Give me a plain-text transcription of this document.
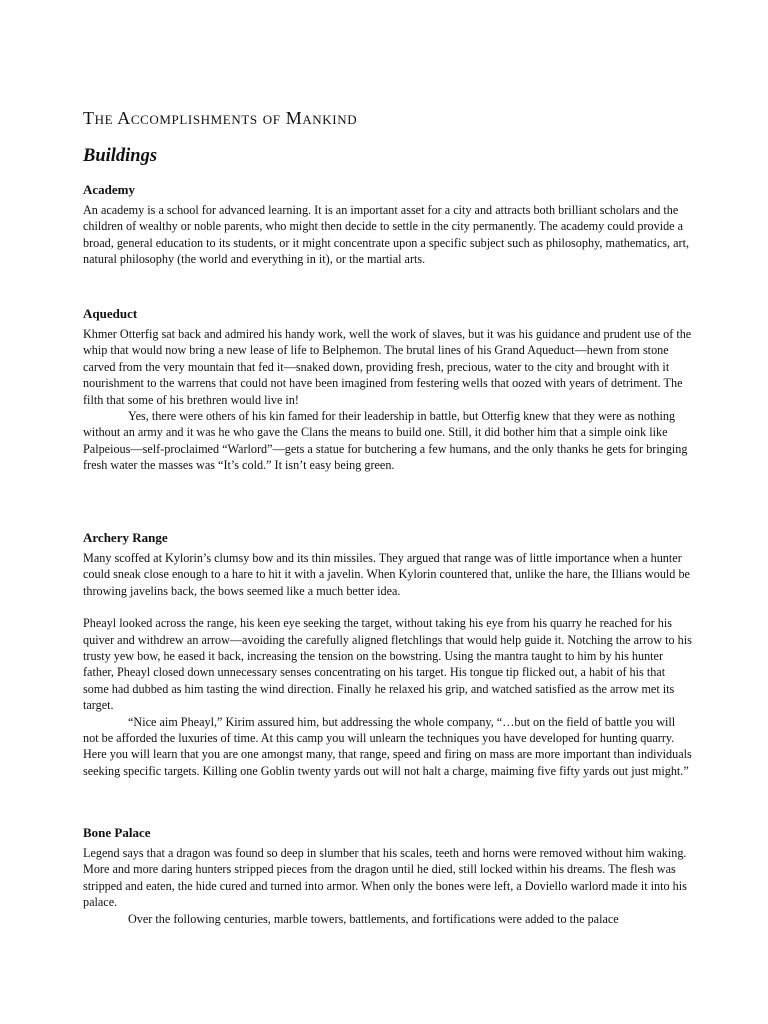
The Accomplishments of Mankind
Buildings
Academy

An academy is a school for advanced learning. It is an important asset for a city and attracts both brilliant scholars and the children of wealthy or noble parents, who might then decide to settle in the city permanently. The academy could provide a broad, general education to its students, or it might concentrate upon a specific subject such as philosophy, mathematics, art, natural philosophy (the world and everything in it), or the martial arts.

Aqueduct

Khmer Otterfig sat back and admired his handy work, well the work of slaves, but it was his guidance and prudent use of the whip that would now bring a new lease of life to Belphemon. The brutal lines of his Grand Aqueduct—hewn from stone carved from the very mountain that fed it—snaked down, providing fresh, precious, water to the city and brought with it nourishment to the warrens that could not have been imagined from festering wells that oozed with years of detriment. The filth that some of his brethren would live in!

Yes, there were others of his kin famed for their leadership in battle, but Otterfig knew that they were as nothing without an army and it was he who gave the Clans the means to build one. Still, it did bother him that a simple oink like Palpeious—self-proclaimed “Warlord”—gets a statue for butchering a few humans, and the only thanks he gets for bringing fresh water the masses was “It’s cold.” It isn’t easy being green.

Archery Range

Many scoffed at Kylorin’s clumsy bow and its thin missiles. They argued that range was of little importance when a hunter could sneak close enough to a hare to hit it with a javelin. When Kylorin countered that, unlike the hare, the Illians would be throwing javelins back, the bows seemed like a much better idea.

Pheayl looked across the range, his keen eye seeking the target, without taking his eye from his quarry he reached for his quiver and withdrew an arrow—avoiding the carefully aligned fletchlings that would help guide it. Notching the arrow to his trusty yew bow, he eased it back, increasing the tension on the bowstring. Using the mantra taught to him by his hunter father, Pheayl closed down unnecessary senses concentrating on his target. His tongue tip flicked out, a habit of his that some had dubbed as him tasting the wind direction. Finally he relaxed his grip, and watched satisfied as the arrow met its target.

“Nice aim Pheayl,” Kirim assured him, but addressing the whole company, “…but on the field of battle you will not be afforded the luxuries of time. At this camp you will unlearn the techniques you have developed for hunting quarry. Here you will learn that you are one amongst many, that range, speed and firing on mass are more important than individuals seeking specific targets. Killing one Goblin twenty yards out will not halt a charge, maiming five fifty yards out just might.”

Bone Palace

Legend says that a dragon was found so deep in slumber that his scales, teeth and horns were removed without him waking. More and more daring hunters stripped pieces from the dragon until he died, still locked within his dreams. The flesh was stripped and eaten, the hide cured and turned into armor. When only the bones were left, a Doviello warlord made it into his palace.

Over the following centuries, marble towers, battlements, and fortifications were added to the palace
